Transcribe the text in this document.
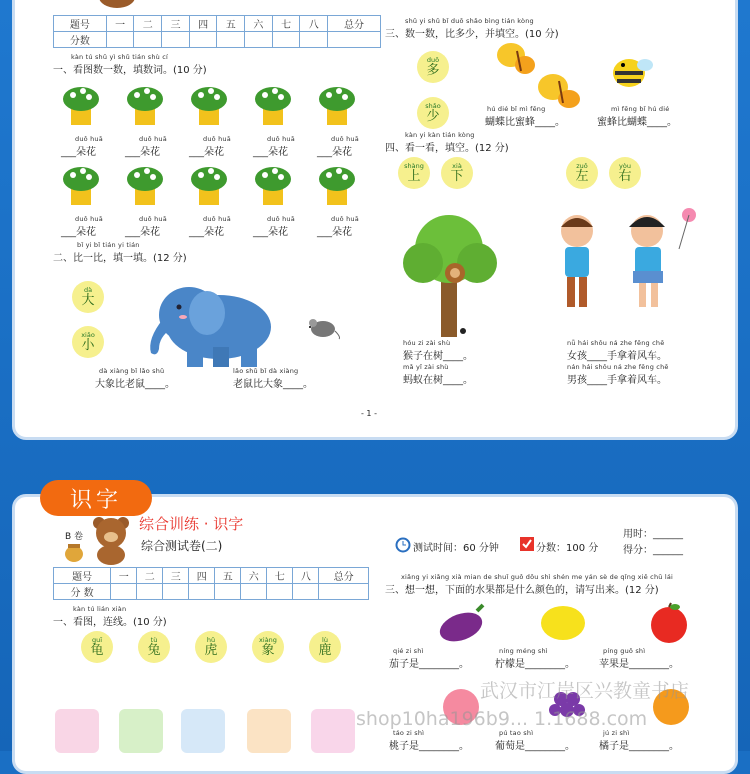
题号	一	二	三	四	五	六	七	八	总分
分数									
kàn tú shǔ yì shǔ tián shù cí
一、看图数一数，填数词。(10 分)
duǒ huā
___朵花
duǒ huā
___朵花
duǒ huā
___朵花
duǒ huā
___朵花
duǒ huā
___朵花
duǒ huā
___朵花
duǒ huā
___朵花
duǒ huā
___朵花
duǒ huā
___朵花
duǒ huā
___朵花
bǐ yi bǐ tián yi tián
二、比一比，填一填。(12 分)
dà
大
xiǎo
小
dà xiàng bǐ lǎo shǔ
大象比老鼠____。
lǎo shǔ bǐ dà xiàng
老鼠比大象____。
- 1 -
shǔ yi shǔ bǐ duō shǎo bìng tián kòng
三、数一数，比多少，并填空。(10 分)
duō
多
shǎo
少	hú dié bǐ mì fēng
蝴蝶比蜜蜂____。
mì fēng bǐ hú dié
蜜蜂比蝴蝶____。
kàn yi kàn tián kòng
四、看一看，填空。(12 分)
shàng
上
xià
下
zuǒ
左
yòu
右
hóu zi zài shù
猴子在树____。
mǎ yǐ zài shù
蚂蚁在树____。
nǚ hái shǒu ná zhe fēng chē
女孩____手拿着风车。
nán hái shǒu ná zhe fēng chē
男孩____手拿着风车。
识字
B 卷
综合训练 · 识字
综合测试卷(二)
用时：______
得分：______
测试时间：60 分钟	分数：100 分
题号	一	二	三	四	五	六	七	八	总分
分 数									
kàn tú lián xiàn
一、看图，连线。(10 分)
guī
龟
tù
兔
hǔ
虎
xiàng
象
lù
鹿
xiǎng yi xiǎng xià mian de shuǐ guǒ dōu shì shén me yán sè de qǐng xiě chū lái
三、想一想，下面的水果都是什么颜色的，请写出来。(12 分)
qié zi shì
茄子是________。
níng méng shì
柠檬是________。
píng guǒ shì
苹果是________。
táo zi shì
桃子是________。
pú tao shì
葡萄是________。
jú zi shì
橘子是________。
武汉市江岸区兴教童书店
shop10ha196b9... 1.1688.com
